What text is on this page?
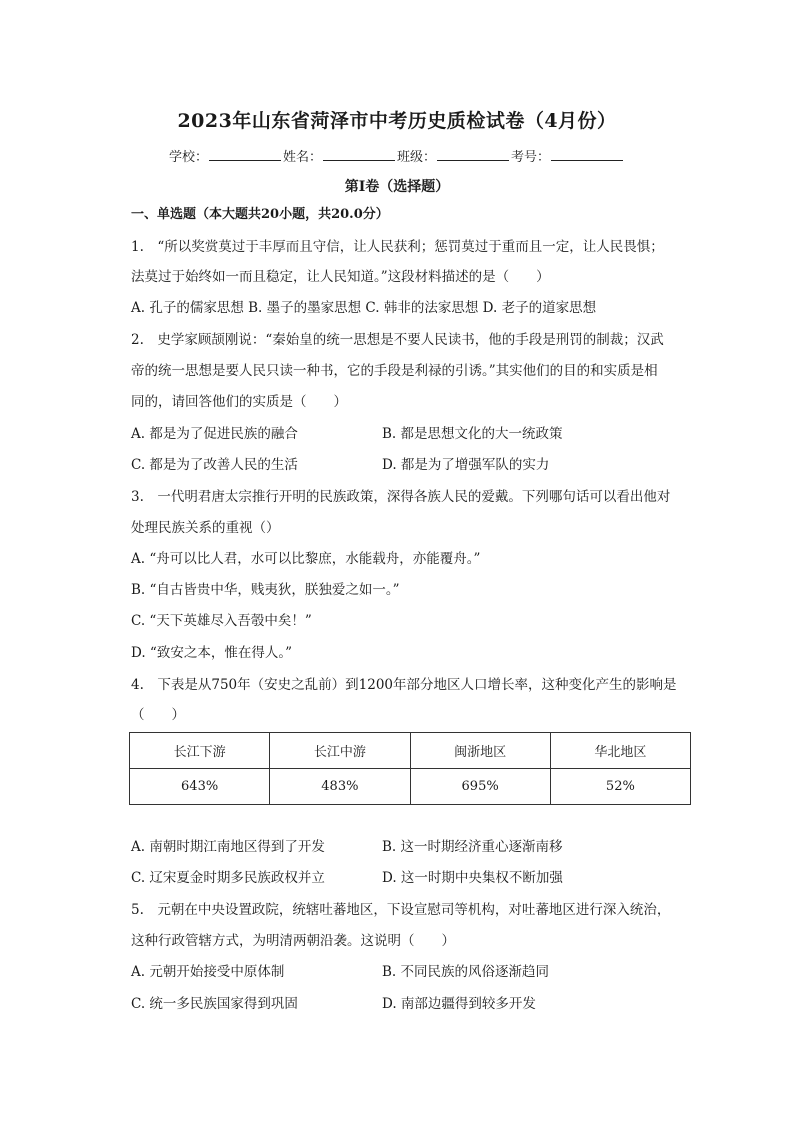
2023年山东省菏泽市中考历史质检试卷（4月份）
学校：	姓名：	班级：	考号：
第Ⅰ卷（选择题）
一、单选题（本大题共20小题，共20.0分）
1.　“所以奖赏莫过于丰厚而且守信，让人民获利；惩罚莫过于重而且一定，让人民畏惧；
法莫过于始终如一而且稳定，让人民知道。”这段材料描述的是（　　）
A. 孔子的儒家思想 B. 墨子的墨家思想 C. 韩非的法家思想 D. 老子的道家思想
2.　史学家顾颉刚说：“秦始皇的统一思想是不要人民读书，他的手段是刑罚的制裁；汉武
帝的统一思想是要人民只读一种书，它的手段是利禄的引诱。”其实他们的目的和实质是相
同的，请回答他们的实质是（　　）
A. 都是为了促进民族的融合	B. 都是思想文化的大一统政策
C. 都是为了改善人民的生活	D. 都是为了增强军队的实力
3.　一代明君唐太宗推行开明的民族政策，深得各族人民的爱戴。下列哪句话可以看出他对
处理民族关系的重视（）
A. “舟可以比人君，水可以比黎庶，水能载舟，亦能覆舟。”
B. “自古皆贵中华，贱夷狄，朕独爱之如一。”
C. “天下英雄尽入吾彀中矣！”
D. “致安之本，惟在得人。”
4.　下表是从750年（安史之乱前）到1200年部分地区人口增长率，这种变化产生的影响是
（　　）
长江下游	长江中游	闽浙地区	华北地区
643%	483%	695%	52%
A. 南朝时期江南地区得到了开发	B. 这一时期经济重心逐渐南移
C. 辽宋夏金时期多民族政权并立	D. 这一时期中央集权不断加强
5.　元朝在中央设置政院，统辖吐蕃地区，下设宣慰司等机构，对吐蕃地区进行深入统治，
这种行政管辖方式，为明清两朝沿袭。这说明（　　）
A. 元朝开始接受中原体制	B. 不同民族的风俗逐渐趋同
C. 统一多民族国家得到巩固	D. 南部边疆得到较多开发
